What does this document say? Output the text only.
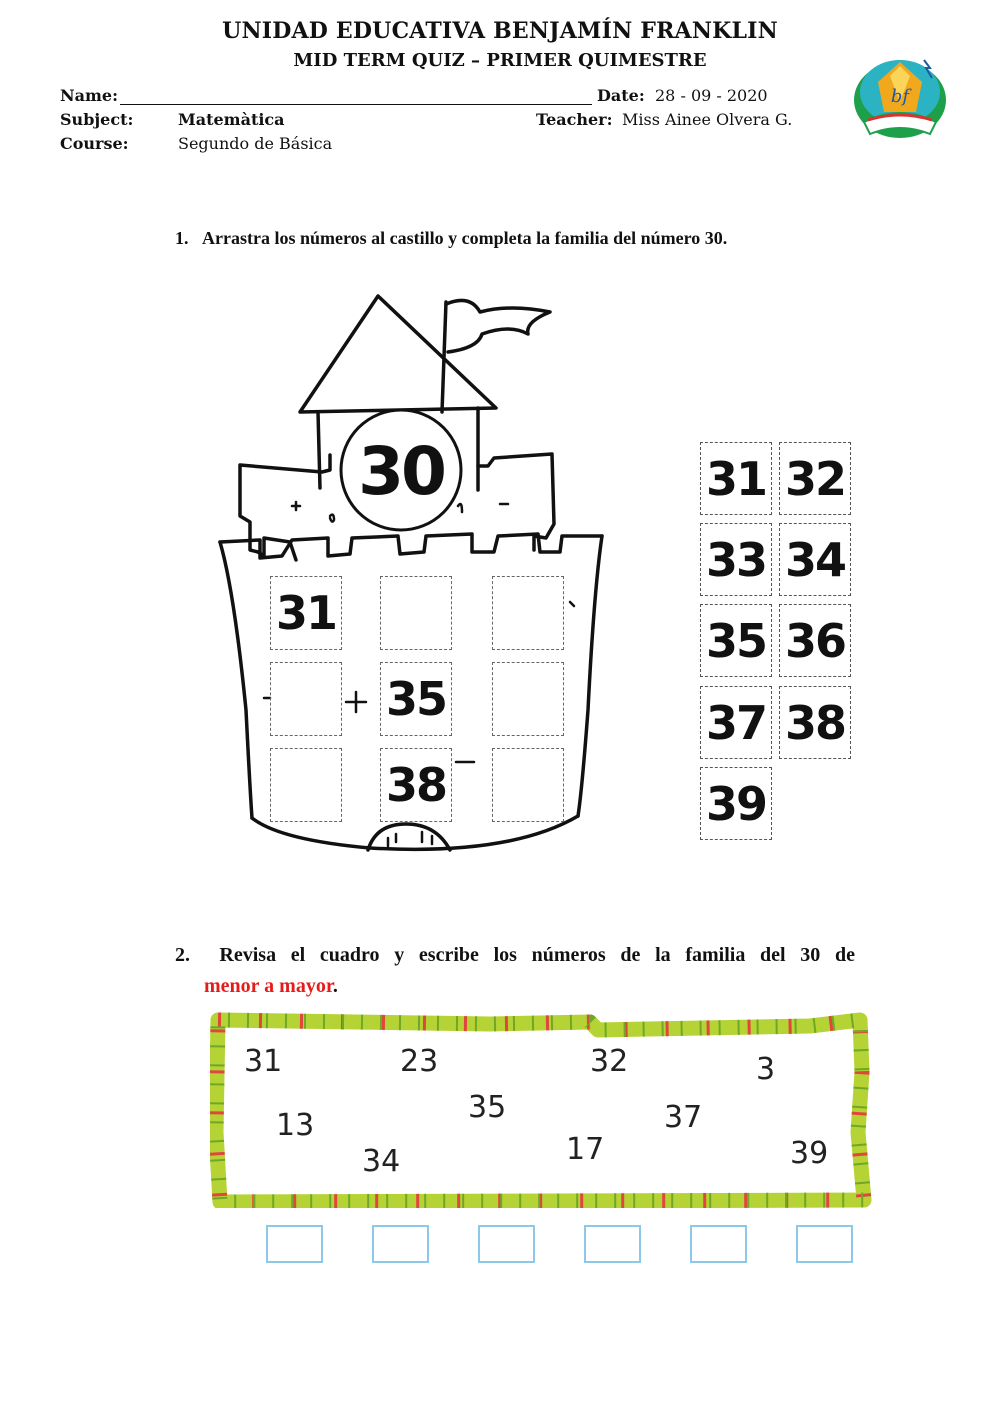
UNIDAD EDUCATIVA BENJAMÍN FRANKLIN
MID TERM QUIZ – PRIMER QUIMESTRE
bf
Name:	Date: 28 - 09 - 2020
Subject:	Matemàtica	Teacher: Miss Ainee Olvera G.
Course:	Segundo de Básica
1. Arrastra los números al castillo y completa la familia del número 30.
30
31
35
38
31 32
33 34
35 36
37 38
39
2. Revisa el cuadro y escribe los números de la familia del 30 de
menor a mayor.
31	23	32	3
13
35	37
34	17	39
